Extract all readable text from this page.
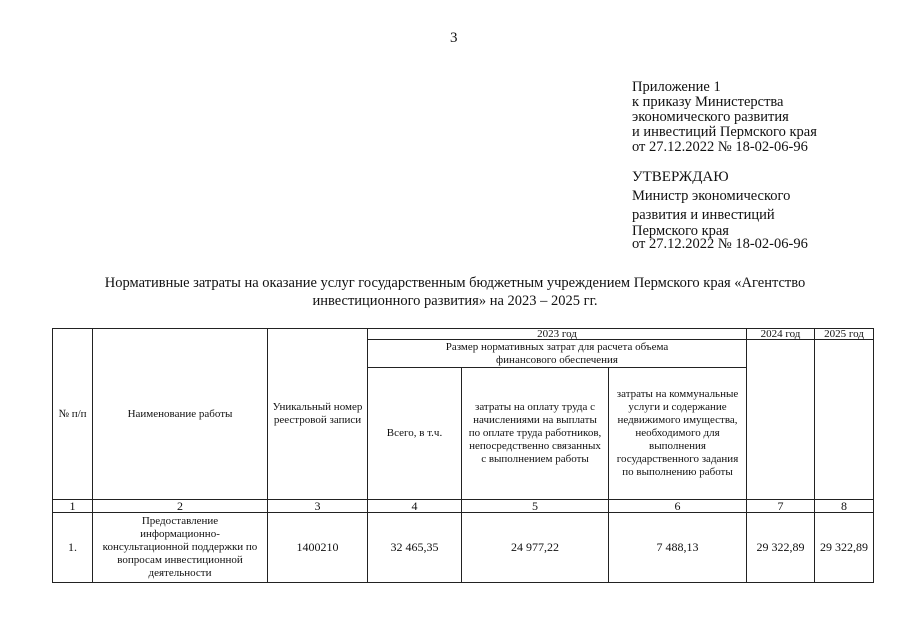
3
Приложение 1
к приказу Министерства
экономического развития
и инвестиций Пермского края
от 27.12.2022 № 18-02-06-96
УТВЕРЖДАЮ
Министр экономического
развития и инвестиций
Пермского края
от 27.12.2022 № 18-02-06-96
Нормативные затраты на оказание услуг государственным бюджетным учреждением Пермского края «Агентство
инвестиционного развития» на 2023 – 2025 гг.
№ п/п	Наименование работы	Уникальный номер реестровой записи	2023 год			2024 год	2025 год
			Размер нормативных затрат для расчета объема финансового обеспечения				
			Всего, в т.ч.	затраты на оплату труда с начислениями на выплаты по оплате труда работников, непосредственно связанных с выполнением работы	затраты на коммунальные услуги и содержание недвижимого имущества, необходимого для выполнения государственного задания по выполнению работы		
1	2	3	4	5	6	7	8
1.	Предоставление информационно-консультационной поддержки по вопросам инвестиционной деятельности	1400210	32 465,35	24 977,22	7 488,13	29 322,89	29 322,89
